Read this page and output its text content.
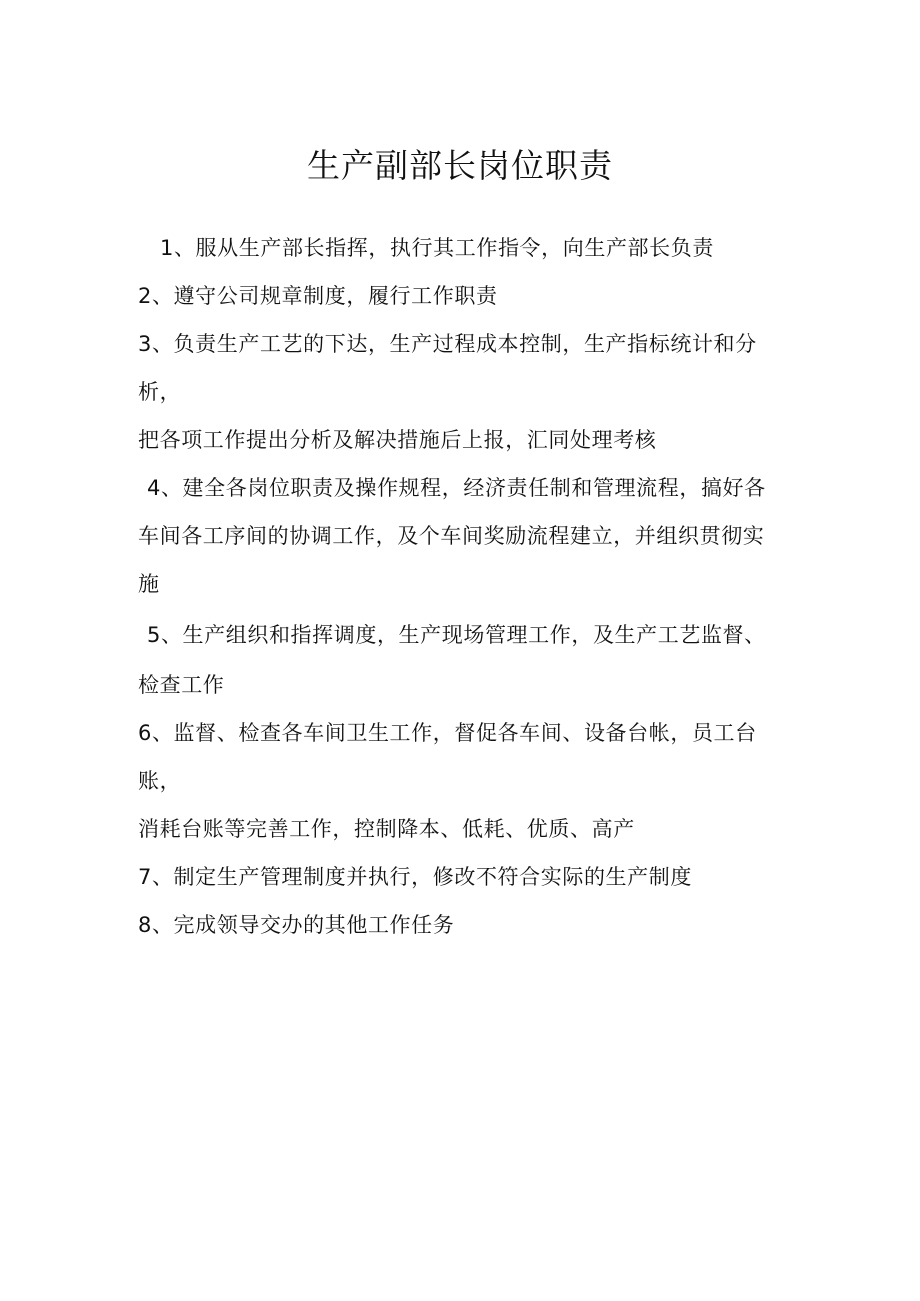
生产副部长岗位职责
1、服从生产部长指挥，执行其工作指令，向生产部长负责
2、遵守公司规章制度，履行工作职责
3、负责生产工艺的下达，生产过程成本控制，生产指标统计和分
析，
把各项工作提出分析及解决措施后上报，汇同处理考核
4、建全各岗位职责及操作规程，经济责任制和管理流程，搞好各
车间各工序间的协调工作，及个车间奖励流程建立，并组织贯彻实
施
5、生产组织和指挥调度，生产现场管理工作，及生产工艺监督、
检查工作
6、监督、检查各车间卫生工作，督促各车间、设备台帐，员工台
账，
消耗台账等完善工作，控制降本、低耗、优质、高产
7、制定生产管理制度并执行，修改不符合实际的生产制度
8、完成领导交办的其他工作任务
